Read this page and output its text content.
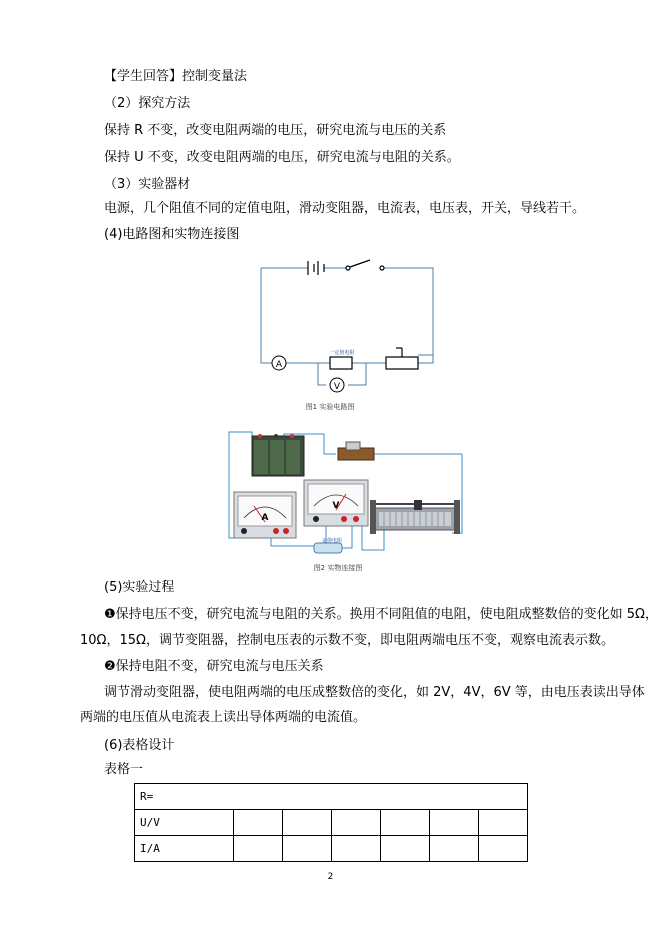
【学生回答】控制变量法
（2）探究方法
保持 R 不变，改变电阻两端的电压，研究电流与电压的关系
保持 U 不变，改变电阻两端的电压，研究电流与电阻的关系。
（3）实验器材
电源，几个阻值不同的定值电阻，滑动变阻器，电流表，电压表，开关，导线若干。
(4)电路图和实物连接图
A
V
一定值电阻
图1 实验电路图
A
V
定值电阻
图2 实物连接图
(5)实验过程
❶保持电压不变，研究电流与电阻的关系。换用不同阻值的电阻，使电阻成整数倍的变化如 5Ω，
10Ω，15Ω，调节变阻器，控制电压表的示数不变，即电阻两端电压不变，观察电流表示数。
❷保持电阻不变，研究电流与电压关系
调节滑动变阻器，使电阻两端的电压成整数倍的变化，如 2V，4V，6V 等，由电压表读出导体
两端的电压值从电流表上读出导体两端的电流值。
(6)表格设计
表格一
R=						
U/V						
I/A						
2
